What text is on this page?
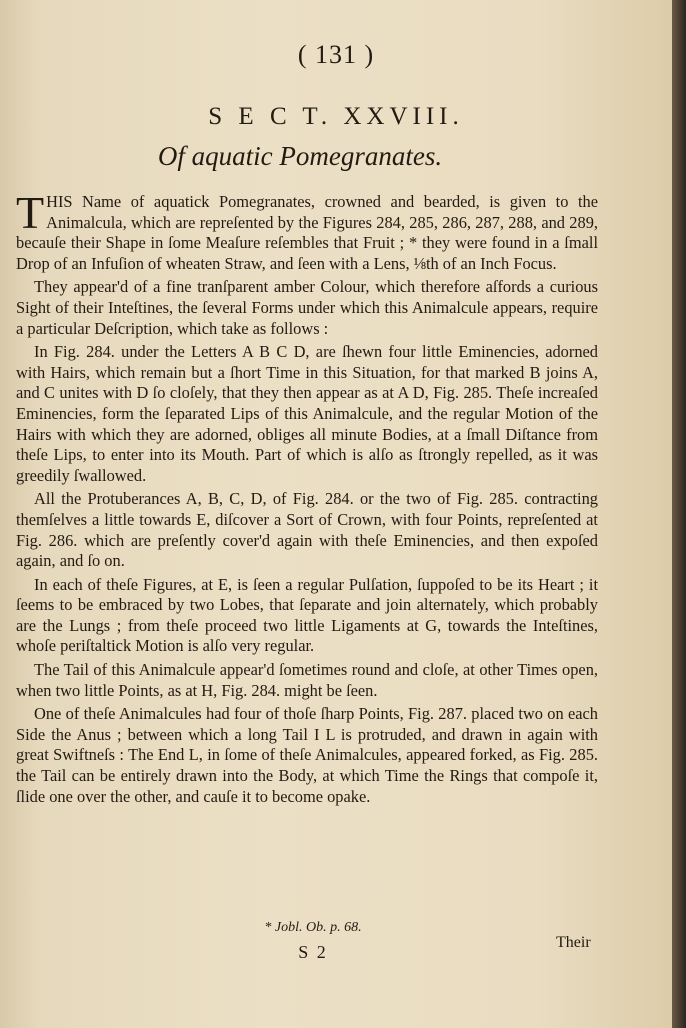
( 131 )
S E C T. XXVIII.
Of aquatic Pomegranates.

THIS Name of aquatick Pomegranates, crowned and bearded, is given to the Animalcula, which are repreſented by the Figures 284, 285, 286, 287, 288, and 289, becauſe their Shape in ſome Meaſure reſembles that Fruit ; * they were found in a ſmall Drop of an Infuſion of wheaten Straw, and ſeen with a Lens, ⅛th of an Inch Focus.

They appear'd of a fine tranſparent amber Colour, which therefore aſfords a curious Sight of their Inteſtines, the ſeveral Forms under which this Animalcule appears, require a particular Deſcription, which take as follows :

In Fig. 284. under the Letters A B C D, are ſhewn four little Eminencies, adorned with Hairs, which remain but a ſhort Time in this Situation, for that marked B joins A, and C unites with D ſo cloſely, that they then appear as at A D, Fig. 285. Theſe increaſed Eminencies, form the ſeparated Lips of this Animalcule, and the regular Motion of the Hairs with which they are adorned, obliges all minute Bodies, at a ſmall Diſtance from theſe Lips, to enter into its Mouth. Part of which is alſo as ſtrongly repelled, as it was greedily ſwallowed.

All the Protuberances A, B, C, D, of Fig. 284. or the two of Fig. 285. contracting themſelves a little towards E, diſcover a Sort of Crown, with four Points, repreſented at Fig. 286. which are preſently cover'd again with theſe Eminencies, and then expoſed again, and ſo on.

In each of theſe Figures, at E, is ſeen a regular Pulſation, ſuppoſed to be its Heart ; it ſeems to be embraced by two Lobes, that ſeparate and join alternately, which probably are the Lungs ; from theſe proceed two little Ligaments at G, towards the Inteſtines, whoſe periſtaltick Motion is alſo very regular.

The Tail of this Animalcule appear'd ſometimes round and cloſe, at other Times open, when two little Points, as at H, Fig. 284. might be ſeen.

One of theſe Animalcules had four of thoſe ſharp Points, Fig. 287. placed two on each Side the Anus ; between which a long Tail I L is protruded, and drawn in again with great Swiftneſs : The End L, in ſome of theſe Animalcules, appeared forked, as Fig. 285. the Tail can be entirely drawn into the Body, at which Time the Rings that compoſe it, ſlide one over the other, and cauſe it to become opake.

* Jobl. Ob. p. 68.
S 2	Their
